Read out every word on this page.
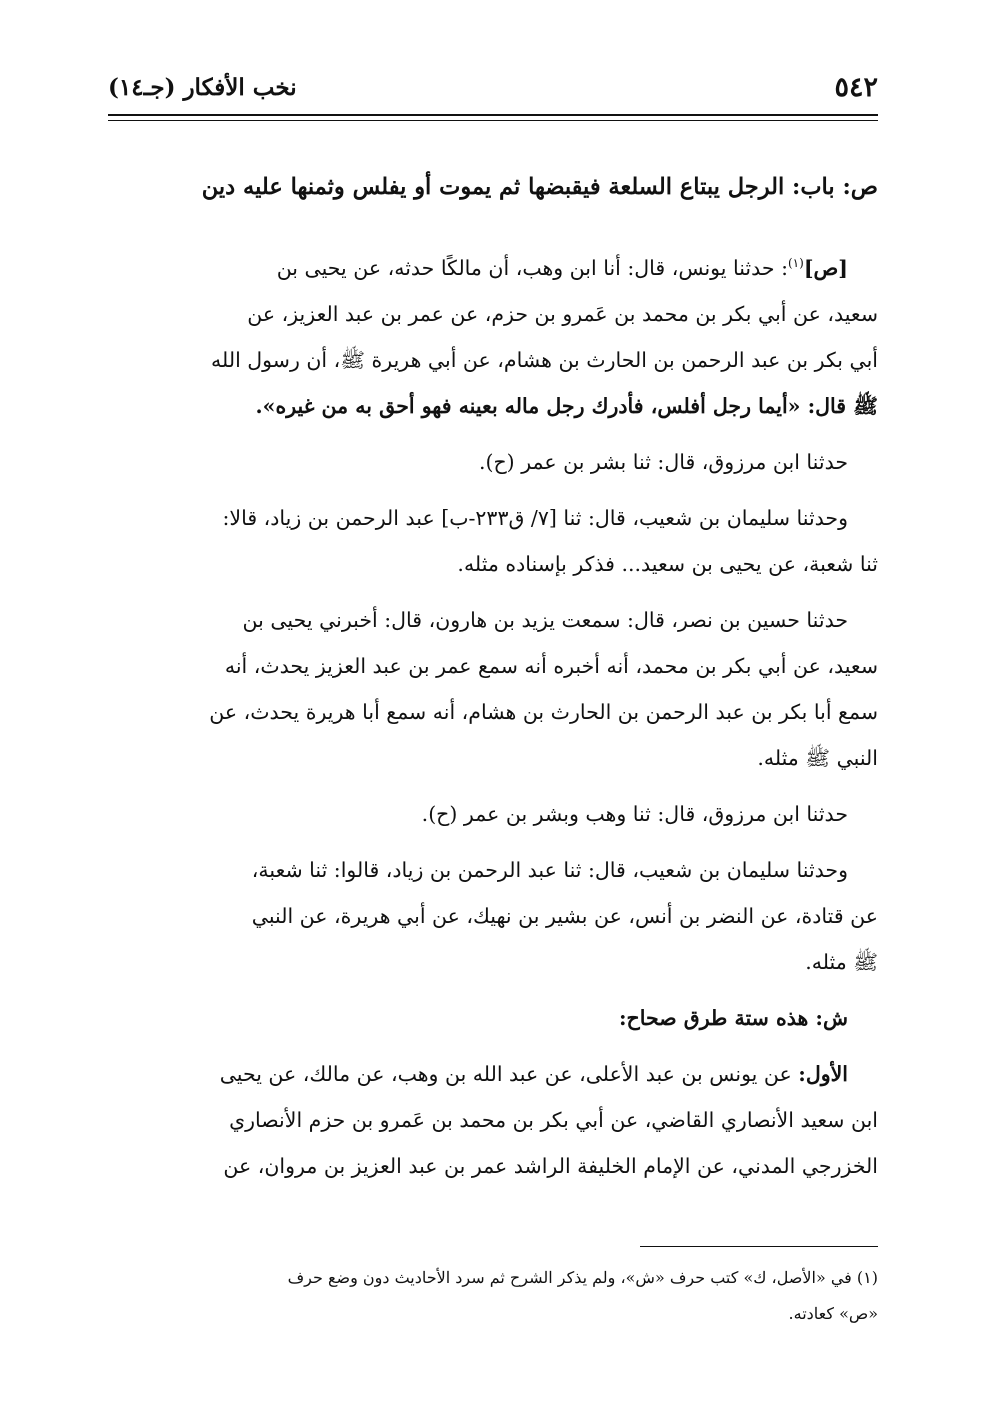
٥٤٢
نخب الأفكار (جـ١٤)
ص: باب: الرجل يبتاع السلعة فيقبضها ثم يموت أو يفلس وثمنها عليه دين
[ص]$^{(١)}$: حدثنا يونس، قال: أنا ابن وهب، أن مالكًا حدثه، عن يحيى بن
سعيد، عن أبي بكر بن محمد بن عَمرو بن حزم، عن عمر بن عبد العزيز، عن
أبي بكر بن عبد الرحمن بن الحارث بن هشام، عن أبي هريرة ﷺ، أن رسول الله
ﷺ قال: «أيما رجل أفلس، فأدرك رجل ماله بعينه فهو أحق به من غيره».
حدثنا ابن مرزوق، قال: ثنا بشر بن عمر (ح).
وحدثنا سليمان بن شعيب، قال: ثنا [٧/ ق٢٣٣-ب] عبد الرحمن بن زياد، قالا:
ثنا شعبة، عن يحيى بن سعيد... فذكر بإسناده مثله.
حدثنا حسين بن نصر، قال: سمعت يزيد بن هارون، قال: أخبرني يحيى بن
سعيد، عن أبي بكر بن محمد، أنه أخبره أنه سمع عمر بن عبد العزيز يحدث، أنه
سمع أبا بكر بن عبد الرحمن بن الحارث بن هشام، أنه سمع أبا هريرة يحدث، عن
النبي ﷺ مثله.
حدثنا ابن مرزوق، قال: ثنا وهب وبشر بن عمر (ح).
وحدثنا سليمان بن شعيب، قال: ثنا عبد الرحمن بن زياد، قالوا: ثنا شعبة،
عن قتادة، عن النضر بن أنس، عن بشير بن نهيك، عن أبي هريرة، عن النبي
ﷺ مثله.
ش: هذه ستة طرق صحاح:
الأول: عن يونس بن عبد الأعلى، عن عبد الله بن وهب، عن مالك، عن يحيى
ابن سعيد الأنصاري القاضي، عن أبي بكر بن محمد بن عَمرو بن حزم الأنصاري
الخزرجي المدني، عن الإمام الخليفة الراشد عمر بن عبد العزيز بن مروان، عن
(١) في «الأصل، ك» كتب حرف «ش»، ولم يذكر الشرح ثم سرد الأحاديث دون وضع حرف
«ص» كعادته.
